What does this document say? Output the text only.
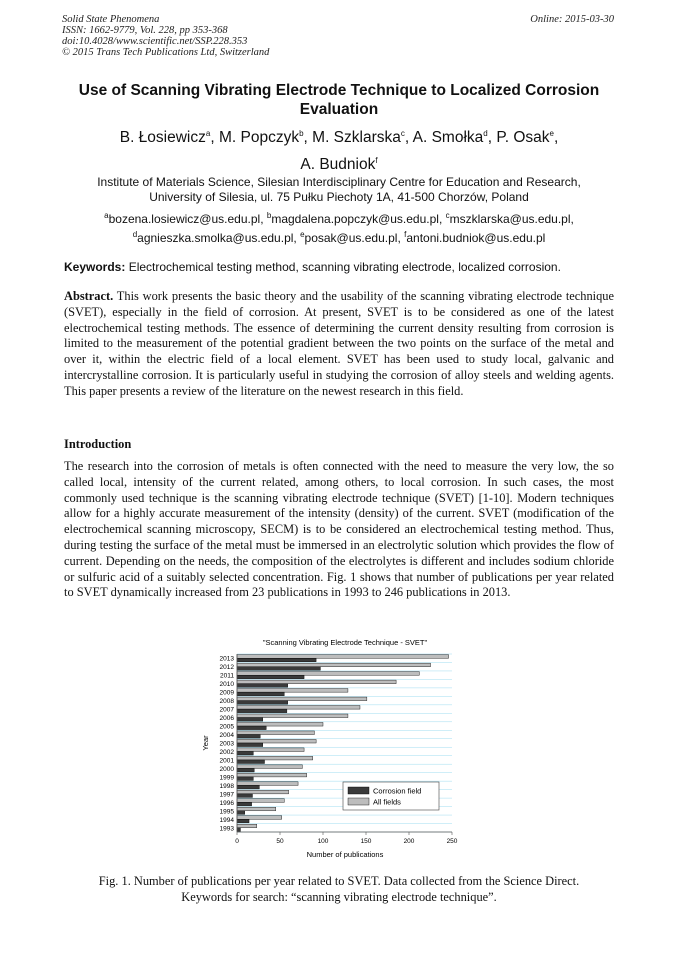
Solid State Phenomena
ISSN: 1662-9779, Vol. 228, pp 353-368
doi:10.4028/www.scientific.net/SSP.228.353
© 2015 Trans Tech Publications Ltd, Switzerland
Online: 2015-03-30
Use of Scanning Vibrating Electrode Technique to Localized Corrosion Evaluation
B. Łosiewicz$^a$, M. Popczyk$^b$, M. Szklarska$^c$, A. Smołka$^d$, P. Osak$^e$,
A. Budniok$^f$
Institute of Materials Science, Silesian Interdisciplinary Centre for Education and Research,
University of Silesia, ul. 75 Pułku Piechoty 1A, 41-500 Chorzów, Poland
$^a$bozena.losiewicz@us.edu.pl, $^b$magdalena.popczyk@us.edu.pl, $^c$mszklarska@us.edu.pl,
$^d$agnieszka.smolka@us.edu.pl, $^e$posak@us.edu.pl, $^f$antoni.budniok@us.edu.pl
Keywords: Electrochemical testing method, scanning vibrating electrode, localized corrosion.

Abstract. This work presents the basic theory and the usability of the scanning vibrating electrode technique (SVET), especially in the field of corrosion. At present, SVET is to be considered as one of the latest electrochemical testing methods. The essence of determining the current density resulting from corrosion is limited to the measurement of the potential gradient between the two points on the surface of the metal and over it, within the electric field of a local element. SVET has been used to study local, galvanic and intercrystalline corrosion. It is particularly useful in studying the corrosion of alloy steels and welding agents. This paper presents a review of the literature on the newest research in this field.

Introduction

The research into the corrosion of metals is often connected with the need to measure the very low, the so called local, intensity of the current related, among others, to local corrosion. In such cases, the most commonly used technique is the scanning vibrating electrode technique (SVET) [1-10]. Modern techniques allow for a highly accurate measurement of the intensity (density) of the current. SVET (modification of the electrochemical scanning microscopy, SECM) is to be considered an electrochemical testing method. Thus, during testing the surface of the metal must be immersed in an electrolytic solution which provides the flow of current. Depending on the needs, the composition of the electrolytes is different and includes sodium chloride or sulfuric acid of a suitably selected concentration. Fig. 1 shows that number of publications per year related to SVET dynamically increased from 23 publications in 1993 to 246 publications in 2013.

"Scanning Vibrating Electrode Technique - SVET"
1993
1994
1995
1996
1997
1998
1999
2000
2001
2002
2003
2004
2005
2006
2007
2008
2009
2010
2011
2012
2013
0	50	100	150	200	250
Number of publications
Year
Corrosion field
All fields
Fig. 1. Number of publications per year related to SVET. Data collected from the Science Direct.
Keywords for search: “scanning vibrating electrode technique”.
